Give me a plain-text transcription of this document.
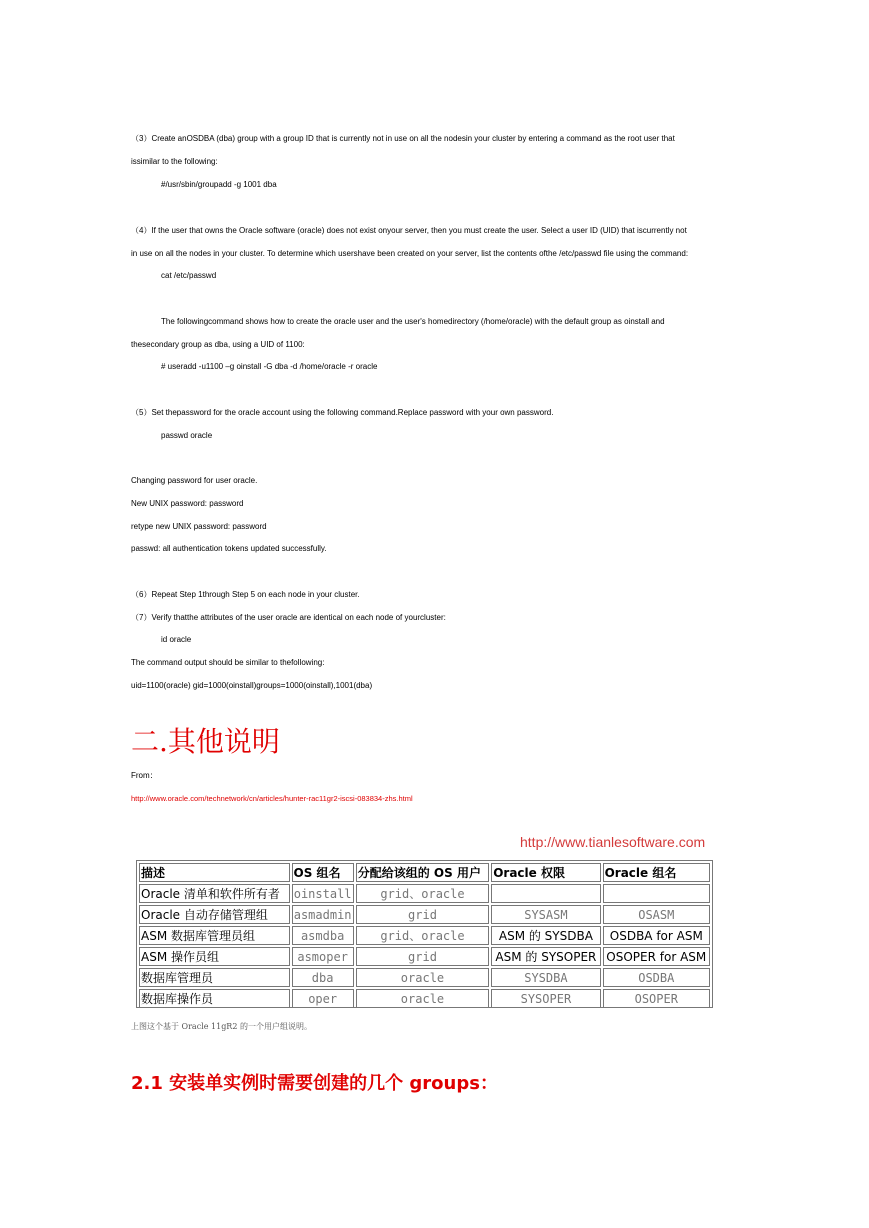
（3）Create anOSDBA (dba) group with a group ID that is currently not in use on all the nodesin your cluster by entering a command as the root user that
issimilar to the following:
#/usr/sbin/groupadd -g 1001 dba
（4）If the user that owns the Oracle software (oracle) does not exist onyour server, then you must create the user. Select a user ID (UID) that iscurrently not
in use on all the nodes in your cluster. To determine which usershave been created on your server, list the contents ofthe /etc/passwd file using the command:
cat /etc/passwd
The followingcommand shows how to create the oracle user and the user's homedirectory (/home/oracle) with the default group as oinstall and
thesecondary group as dba, using a UID of 1100:
# useradd -u1100 –g oinstall -G dba -d /home/oracle -r oracle
（5）Set thepassword for the oracle account using the following command.Replace password with your own password.
passwd oracle
Changing password for user oracle.
New UNIX password: password
retype new UNIX password: password
passwd: all authentication tokens updated successfully.
（6）Repeat Step 1through Step 5 on each node in your cluster.
（7）Verify thatthe attributes of the user oracle are identical on each node of yourcluster:
id oracle
The command output should be similar to thefollowing:
uid=1100(oracle) gid=1000(oinstall)groups=1000(oinstall),1001(dba)
二.其他说明
From：
http://www.oracle.com/technetwork/cn/articles/hunter-rac11gr2-iscsi-083834-zhs.html
http://www.tianlesoftware.com
描述	OS 组名	分配给该组的 OS 用户	Oracle 权限	Oracle 组名
Oracle 清单和软件所有者	oinstall	grid、oracle		
Oracle 自动存储管理组	asmadmin	grid	SYSASM	OSASM
ASM 数据库管理员组	asmdba	grid、oracle	ASM 的 SYSDBA	OSDBA for ASM
ASM 操作员组	asmoper	grid	ASM 的 SYSOPER	OSOPER for ASM
数据库管理员	dba	oracle	SYSDBA	OSDBA
数据库操作员	oper	oracle	SYSOPER	OSOPER
上图这个基于 Oracle 11gR2 的一个用户组说明。
2.1 安装单实例时需要创建的几个 groups：
